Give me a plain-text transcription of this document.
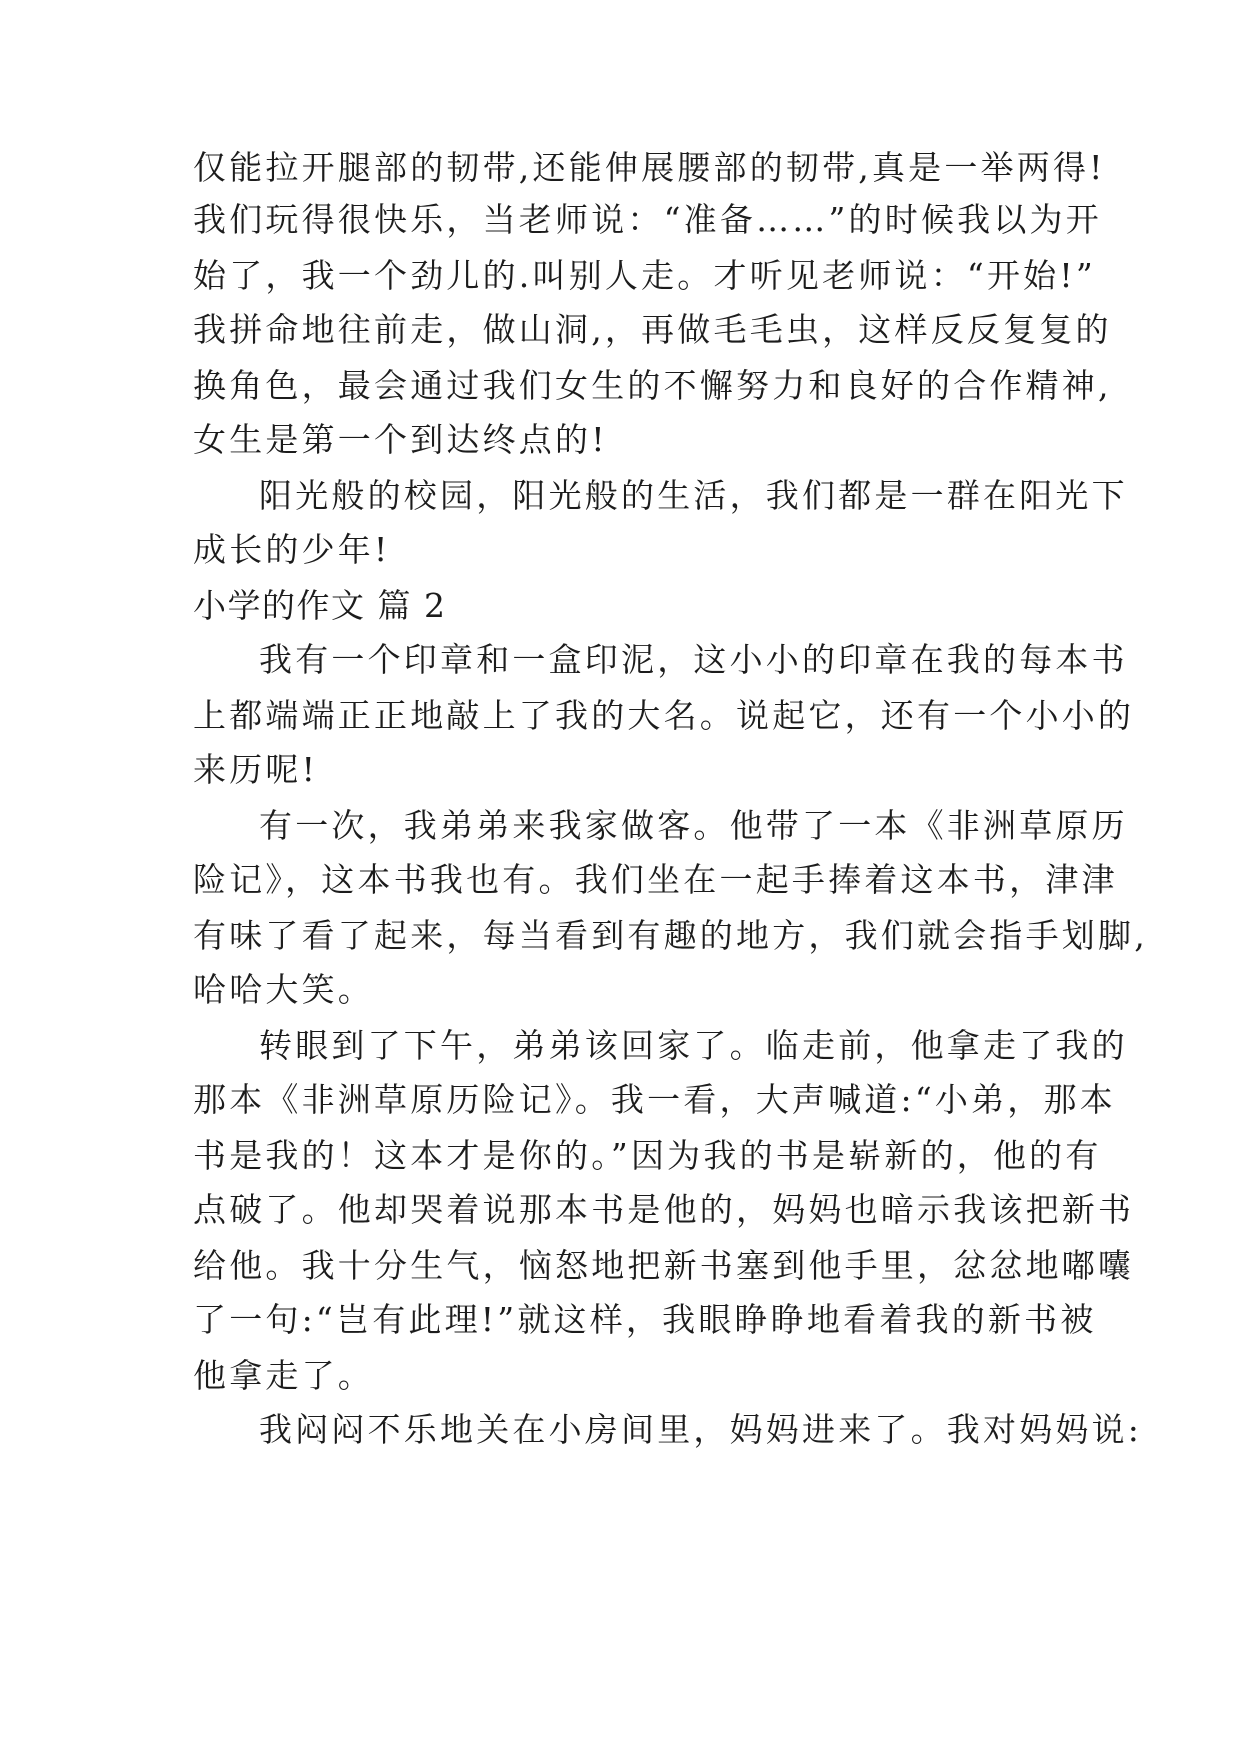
仅能拉开腿部的韧带,还能伸展腰部的韧带,真是一举两得!
我们玩得很快乐，当老师说：“准备……”的时候我以为开
始了，我一个劲儿的.叫别人走。才听见老师说：“开始!”
我拼命地往前走，做山洞,，再做毛毛虫，这样反反复复的
换角色，最会通过我们女生的不懈努力和良好的合作精神,
女生是第一个到达终点的!
阳光般的校园，阳光般的生活，我们都是一群在阳光下
成长的少年!
小学的作文 篇 2
我有一个印章和一盒印泥，这小小的印章在我的每本书
上都端端正正地敲上了我的大名。说起它，还有一个小小的
来历呢!
有一次，我弟弟来我家做客。他带了一本《非洲草原历
险记》，这本书我也有。我们坐在一起手捧着这本书，津津
有味了看了起来，每当看到有趣的地方，我们就会指手划脚,
哈哈大笑。
转眼到了下午，弟弟该回家了。临走前，他拿走了我的
那本《非洲草原历险记》。我一看，大声喊道:“小弟，那本
书是我的！这本才是你的。”因为我的书是崭新的，他的有
点破了。他却哭着说那本书是他的，妈妈也暗示我该把新书
给他。我十分生气，恼怒地把新书塞到他手里，忿忿地嘟囔
了一句:“岂有此理!”就这样，我眼睁睁地看着我的新书被
他拿走了。
我闷闷不乐地关在小房间里，妈妈进来了。我对妈妈说:
